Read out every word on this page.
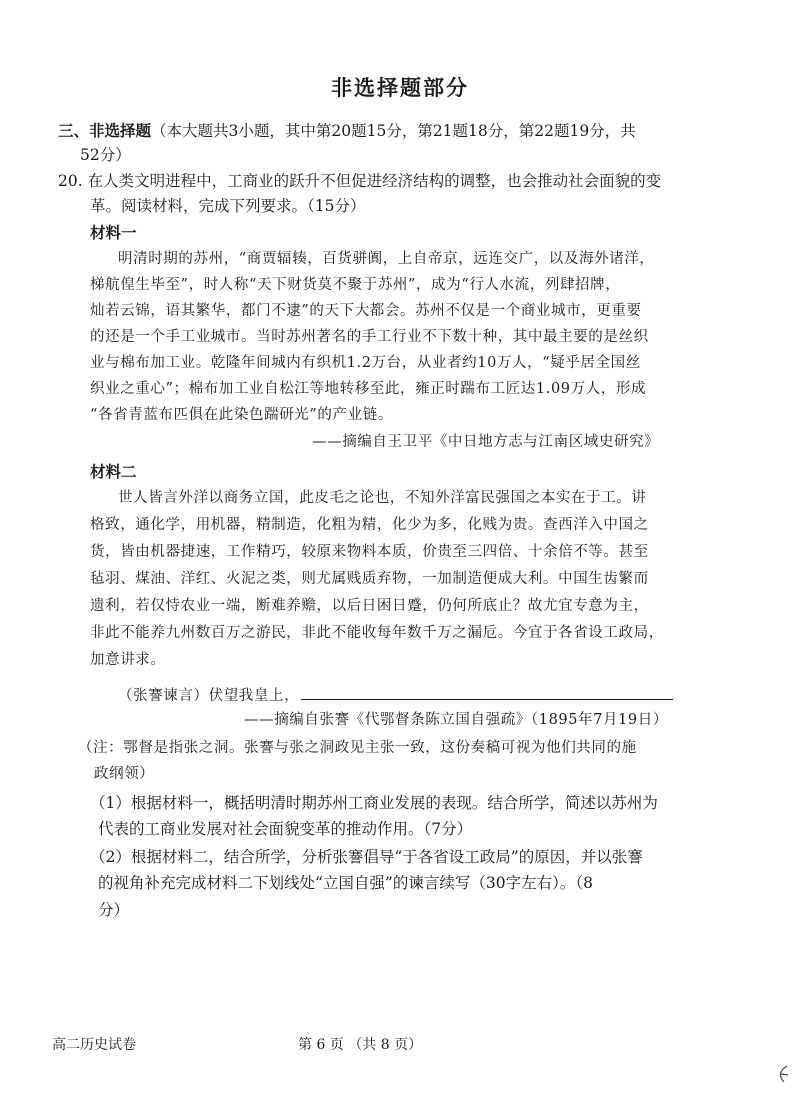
非选择题部分
三、非选择题（本大题共3小题，其中第20题15分，第21题18分，第22题19分，共
52分）
20. 在人类文明进程中，工商业的跃升不但促进经济结构的调整，也会推动社会面貌的变
革。阅读材料，完成下列要求。（15分）
材料一
明清时期的苏州，“商贾辐辏，百货骈阗，上自帝京，远连交广，以及海外诸洋，
梯航偟生毕至”，时人称“天下财货莫不聚于苏州”，成为“行人水流，列肆招牌，
灿若云锦，语其繁华，都门不逮”的天下大都会。苏州不仅是一个商业城市，更重要
的还是一个手工业城市。当时苏州著名的手工行业不下数十种，其中最主要的是丝织
业与棉布加工业。乾隆年间城内有织机1.2万台，从业者约10万人，“疑乎居全国丝
织业之重心”；棉布加工业自松江等地转移至此，雍正时踹布工匠达1.09万人，形成
“各省青蓝布匹俱在此染色踹研光”的产业链。
——摘编自王卫平《中日地方志与江南区域史研究》
材料二
世人皆言外洋以商务立国，此皮毛之论也，不知外洋富民强国之本实在于工。讲
格致，通化学，用机器，精制造，化粗为精，化少为多，化贱为贵。查西洋入中国之
货，皆由机器捷速，工作精巧，较原来物料本质，价贵至三四倍、十余倍不等。甚至
毡羽、煤油、洋红、火泥之类，则尤属贱质弃物，一加制造便成大利。中国生齿繁而
遗利，若仅恃农业一端，断难养赡，以后日困日蹙，仍何所底止？故尤宜专意为主，
非此不能养九州数百万之游民，非此不能收每年数千万之漏卮。今宜于各省设工政局，
加意讲求。
（张謇谏言）伏望我皇上，
——摘编自张謇《代鄂督条陈立国自强疏》（1895年7月19日）
（注：鄂督是指张之洞。张謇与张之洞政见主张一致，这份奏稿可视为他们共同的施
政纲领）
（1）根据材料一，概括明清时期苏州工商业发展的表现。结合所学，简述以苏州为
代表的工商业发展对社会面貌变革的推动作用。（7分）
（2）根据材料二，结合所学，分析张謇倡导“于各省设工政局”的原因，并以张謇
的视角补充完成材料二下划线处“立国自强”的谏言续写（30字左右）。（8
分）
高二历史试卷	第 6 页 （共 8 页）
